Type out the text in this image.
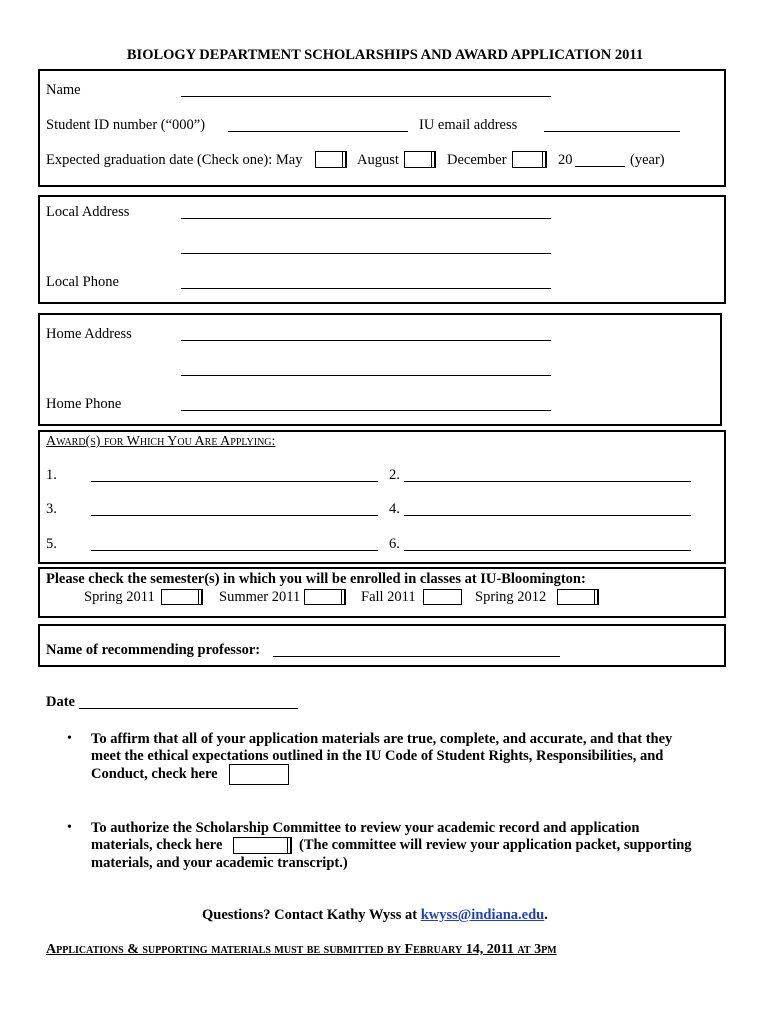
BIOLOGY DEPARTMENT SCHOLARSHIPS AND AWARD APPLICATION 2011
Name
Student ID number (“000”)	IU email address
Expected graduation date (Check one): May	August	December	20	(year)
Local Address
Local Phone
Home Address
Home Phone
Award(s) for Which You Are Applying:
1.	2.
3.	4.
5.	6.
Please check the semester(s) in which you will be enrolled in classes at IU-Bloomington:
Spring 2011	Summer 2011	Fall 2011	Spring 2012
Name of recommending professor:
Date
• To affirm that all of your application materials are true, complete, and accurate, and that they
meet the ethical expectations outlined in the IU Code of Student Rights, Responsibilities, and
Conduct, check here
• To authorize the Scholarship Committee to review your academic record and application
materials, check here	(The committee will review your application packet, supporting
materials, and your academic transcript.)
Questions? Contact Kathy Wyss at kwyss@indiana.edu.
Applications & supporting materials must be submitted by February 14, 2011 at 3pm
